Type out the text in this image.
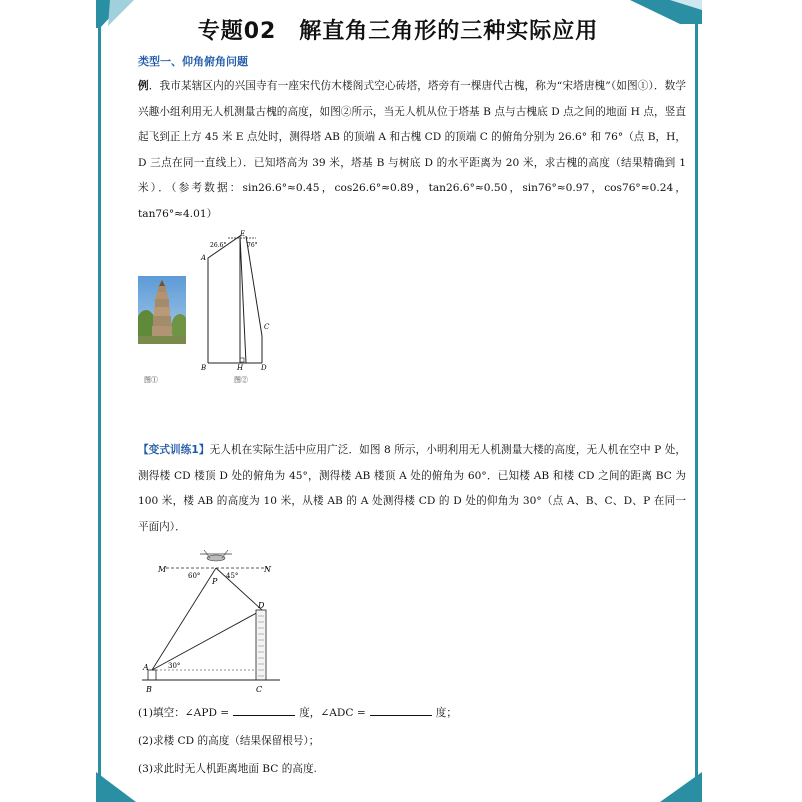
专题02　解直角三角形的三种实际应用
类型一、仰角俯角问题
例．我市某辖区内的兴国寺有一座宋代仿木楼阁式空心砖塔，塔旁有一棵唐代古槐，称为“宋塔唐槐”（如图①）．数学兴趣小组利用无人机测量古槐的高度，如图②所示，当无人机从位于塔基 B 点与古槐底 D 点之间的地面 H 点，竖直起飞到正上方 45 米 E 点处时，测得塔 AB 的顶端 A 和古槐 CD 的顶端 C 的俯角分别为 26.6° 和 76°（点 B，H，D 三点在同一直线上）．已知塔高为 39 米，塔基 B 与树底 D 的水平距离为 20 米，求古槐的高度（结果精确到 1 米）．（参考数据：sin26.6°≈0.45，cos26.6°≈0.89，tan26.6°≈0.50，sin76°≈0.97，cos76°≈0.24，tan76°≈4.01）
图①
E
A
B	H
C
D
26.6°	76°
图②
【变式训练1】无人机在实际生活中应用广泛．如图 8 所示，小明利用无人机测量大楼的高度，无人机在空中 P 处，测得楼 CD 楼顶 D 处的俯角为 45°，测得楼 AB 楼顶 A 处的俯角为 60°．已知楼 AB 和楼 CD 之间的距离 BC 为 100 米，楼 AB 的高度为 10 米，从楼 AB 的 A 处测得楼 CD 的 D 处的仰角为 30°（点 A、B、C、D、P 在同一平面内）．
M	N
P
60°	45°
30°
A
B	C
D
(1)填空：∠APD =	度，∠ADC =	度；
(2)求楼 CD 的高度（结果保留根号）；
(3)求此时无人机距离地面 BC 的高度.
